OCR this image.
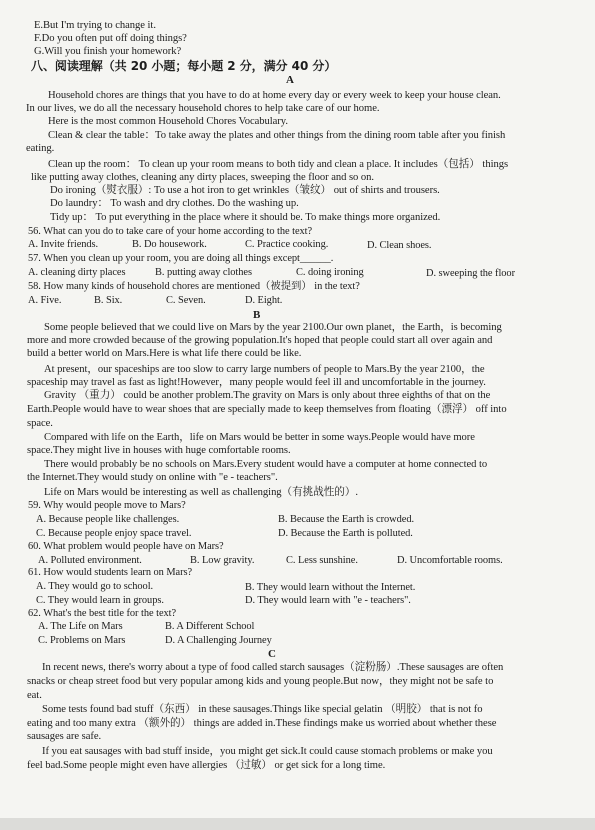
E.But I'm trying to change it.
F.Do you often put off doing things?
G.Will you finish your homework?
八、阅读理解（共 20 小题；每小题 2 分，满分 40 分）
A
Household chores are things that you have to do at home every day or every week to keep your house clean.
In our lives, we do all the necessary household chores to help take care of our home.
Here is the most common Household Chores Vocabulary.
Clean & clear the table：To take away the plates and other things from the dining room table after you finish
eating.
Clean up the room： To clean up your room means to both tidy and clean a place. It includes（包括） things
like putting away clothes, cleaning any dirty places, sweeping the floor and so on.
Do ironing（熨衣服）: To use a hot iron to get wrinkles（皱纹） out of shirts and trousers.
Do laundry： To wash and dry clothes. Do the washing up.
Tidy up： To put everything in the place where it should be. To make things more organized.
56. What can you do to take care of your home according to the text?
A. Invite friends.	B. Do housework.	C. Practice cooking.	D. Clean shoes.
57. When you clean up your room, you are doing all things except______.
A. cleaning dirty places	B. putting away clothes	C. doing ironing	D. sweeping the floor
58. How many kinds of household chores are mentioned（被提到） in the text?
A. Five.	B. Six.	C. Seven.	D. Eight.
B
Some people believed that we could live on Mars by the year 2100.Our own planet，the Earth，is becoming
more and more crowded because of the growing population.It's hoped that people could start all over again and
build a better world on Mars.Here is what life there could be like.
At present，our spaceships are too slow to carry large numbers of people to Mars.By the year 2100，the
spaceship may travel as fast as light!However，many people would feel ill and uncomfortable in the journey.
Gravity （重力） could be another problem.The gravity on Mars is only about three eighths of that on the
Earth.People would have to wear shoes that are specially made to keep themselves from floating（漂浮） off into
space.
Compared with life on the Earth，life on Mars would be better in some ways.People would have more
space.They might live in houses with huge comfortable rooms.
There would probably be no schools on Mars.Every student would have a computer at home connected to
the Internet.They would study on online with "e - teachers".
Life on Mars would be interesting as well as challenging（有挑战性的）.
59. Why would people move to Mars?
A. Because people like challenges.	B. Because the Earth is crowded.
C. Because people enjoy space travel.	D. Because the Earth is polluted.
60. What problem would people have on Mars?
A. Polluted environment.	B. Low gravity.	C. Less sunshine.	D. Uncomfortable rooms.
61. How would students learn on Mars?
A. They would go to school.	B. They would learn without the Internet.
C. They would learn in groups.	D. They would learn with "e - teachers".
62. What's the best title for the text?
A. The Life on Mars	B. A Different School
C. Problems on Mars	D. A Challenging Journey
C
In recent news, there's worry about a type of food called starch sausages（淀粉肠）.These sausages are often
snacks or cheap street food but very popular among kids and young people.But now，they might not be safe to
eat.
Some tests found bad stuff（东西） in these sausages.Things like special gelatin （明胶） that is not fo
eating and too many extra （额外的） things are added in.These findings make us worried about whether these
sausages are safe.
If you eat sausages with bad stuff inside，you might get sick.It could cause stomach problems or make you
feel bad.Some people might even have allergies （过敏） or get sick for a long time.
